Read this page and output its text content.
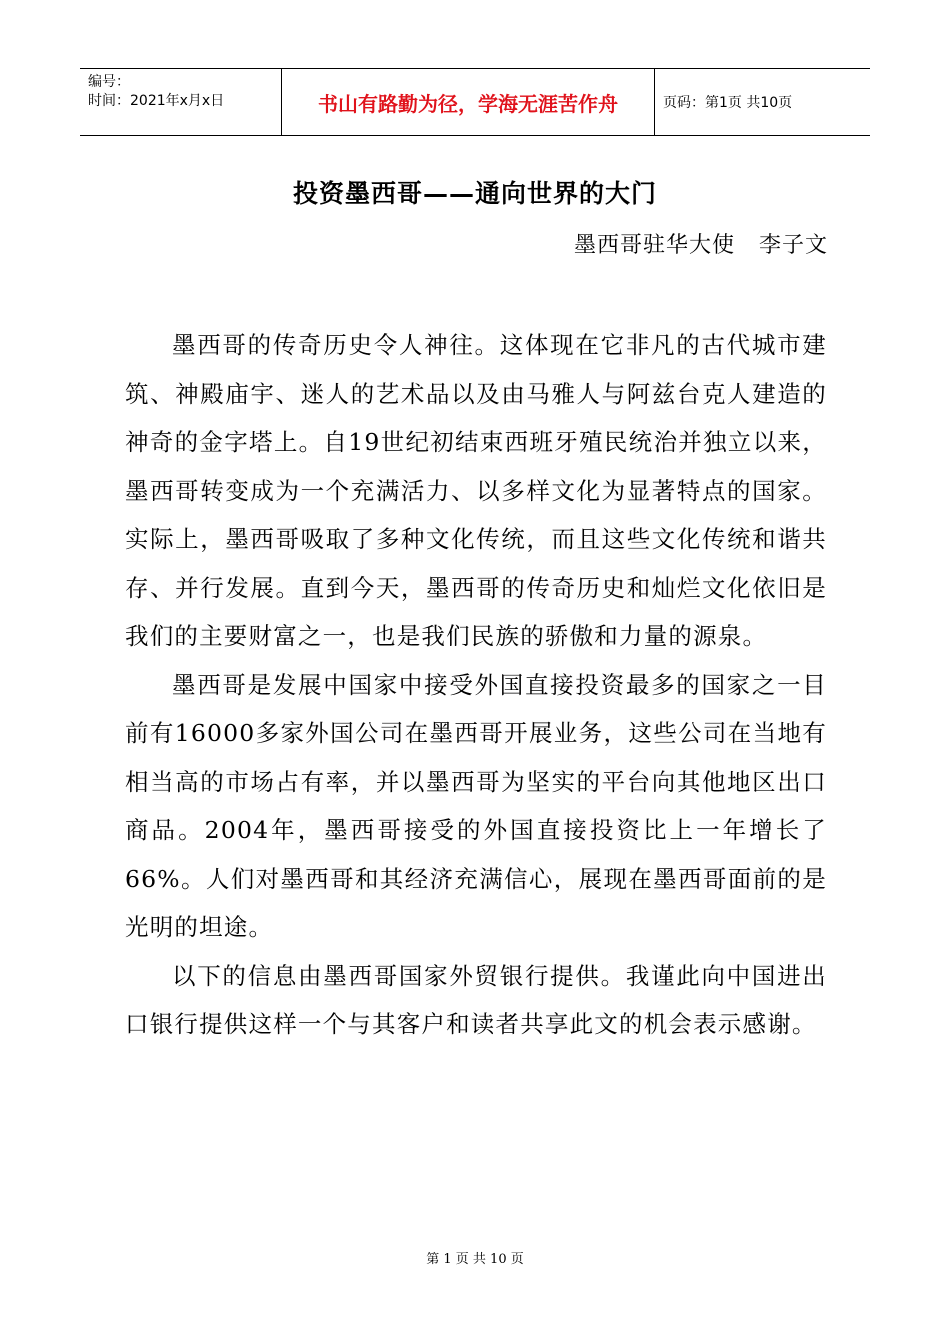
编号：
时间：2021年x月x日	书山有路勤为径，学海无涯苦作舟	页码：第1页 共10页
投资墨西哥——通向世界的大门
墨西哥驻华大使   李子文

墨西哥的传奇历史令人神往。这体现在它非凡的古代城市建筑、神殿庙宇、迷人的艺术品以及由马雅人与阿兹台克人建造的神奇的金字塔上。自19世纪初结束西班牙殖民统治并独立以来，墨西哥转变成为一个充满活力、以多样文化为显著特点的国家。实际上，墨西哥吸取了多种文化传统，而且这些文化传统和谐共存、并行发展。直到今天，墨西哥的传奇历史和灿烂文化依旧是我们的主要财富之一，也是我们民族的骄傲和力量的源泉。

墨西哥是发展中国家中接受外国直接投资最多的国家之一目前有16000多家外国公司在墨西哥开展业务，这些公司在当地有相当高的市场占有率，并以墨西哥为坚实的平台向其他地区出口商品。2004年，墨西哥接受的外国直接投资比上一年增长了66%。人们对墨西哥和其经济充满信心，展现在墨西哥面前的是光明的坦途。

以下的信息由墨西哥国家外贸银行提供。我谨此向中国进出口银行提供这样一个与其客户和读者共享此文的机会表示感谢。

第 1 页 共 10 页
